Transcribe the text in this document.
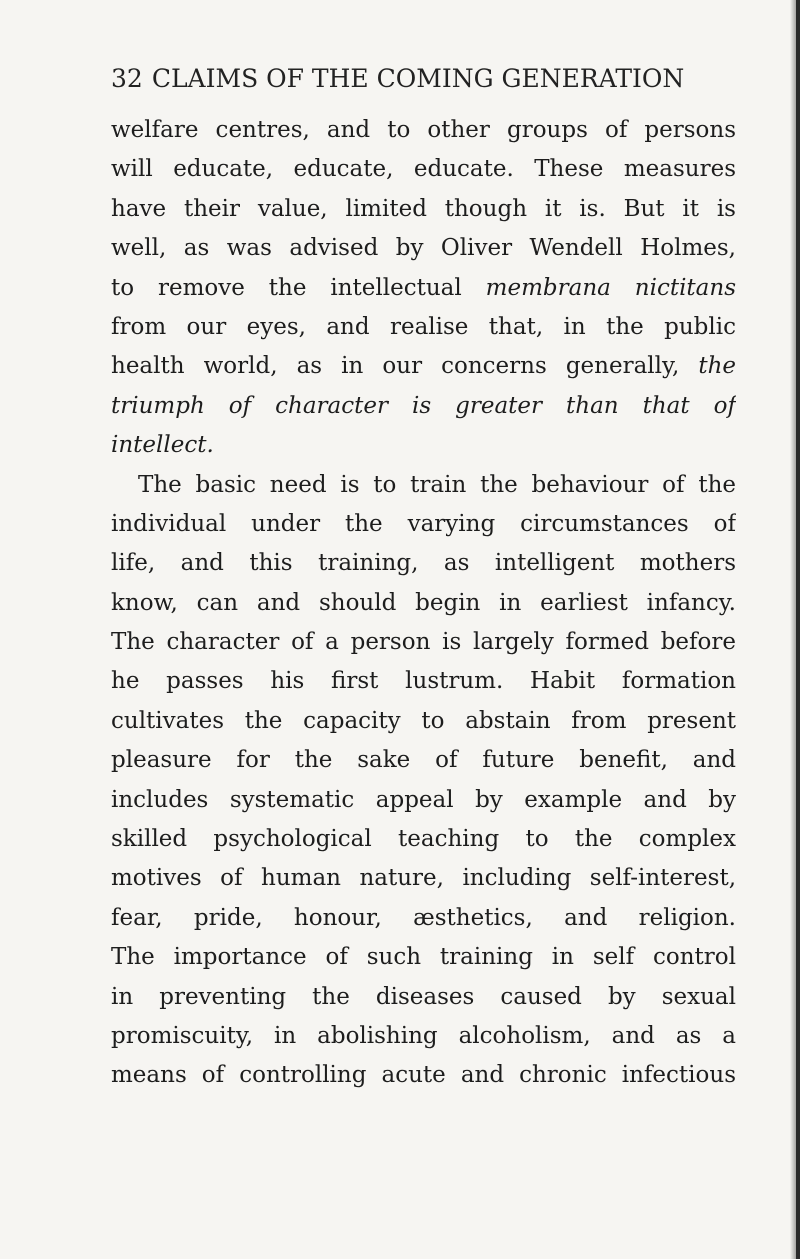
32 CLAIMS OF THE COMING GENERATION
welfare centres, and to other groups of persons
will educate, educate, educate. These measures
have their value, limited though it is. But it is
well, as was advised by Oliver Wendell Holmes,
to remove the intellectual membrana nictitans
from our eyes, and realise that, in the public
health world, as in our concerns generally, the
triumph of character is greater than that of
intellect.
The basic need is to train the behaviour of the
individual under the varying circumstances of
life, and this training, as intelligent mothers
know, can and should begin in earliest infancy.
The character of a person is largely formed before
he passes his first lustrum. Habit formation
cultivates the capacity to abstain from present
pleasure for the sake of future benefit, and
includes systematic appeal by example and by
skilled psychological teaching to the complex
motives of human nature, including self-interest,
fear, pride, honour, æsthetics, and religion.
The importance of such training in self control
in preventing the diseases caused by sexual
promiscuity, in abolishing alcoholism, and as a
means of controlling acute and chronic infectious
